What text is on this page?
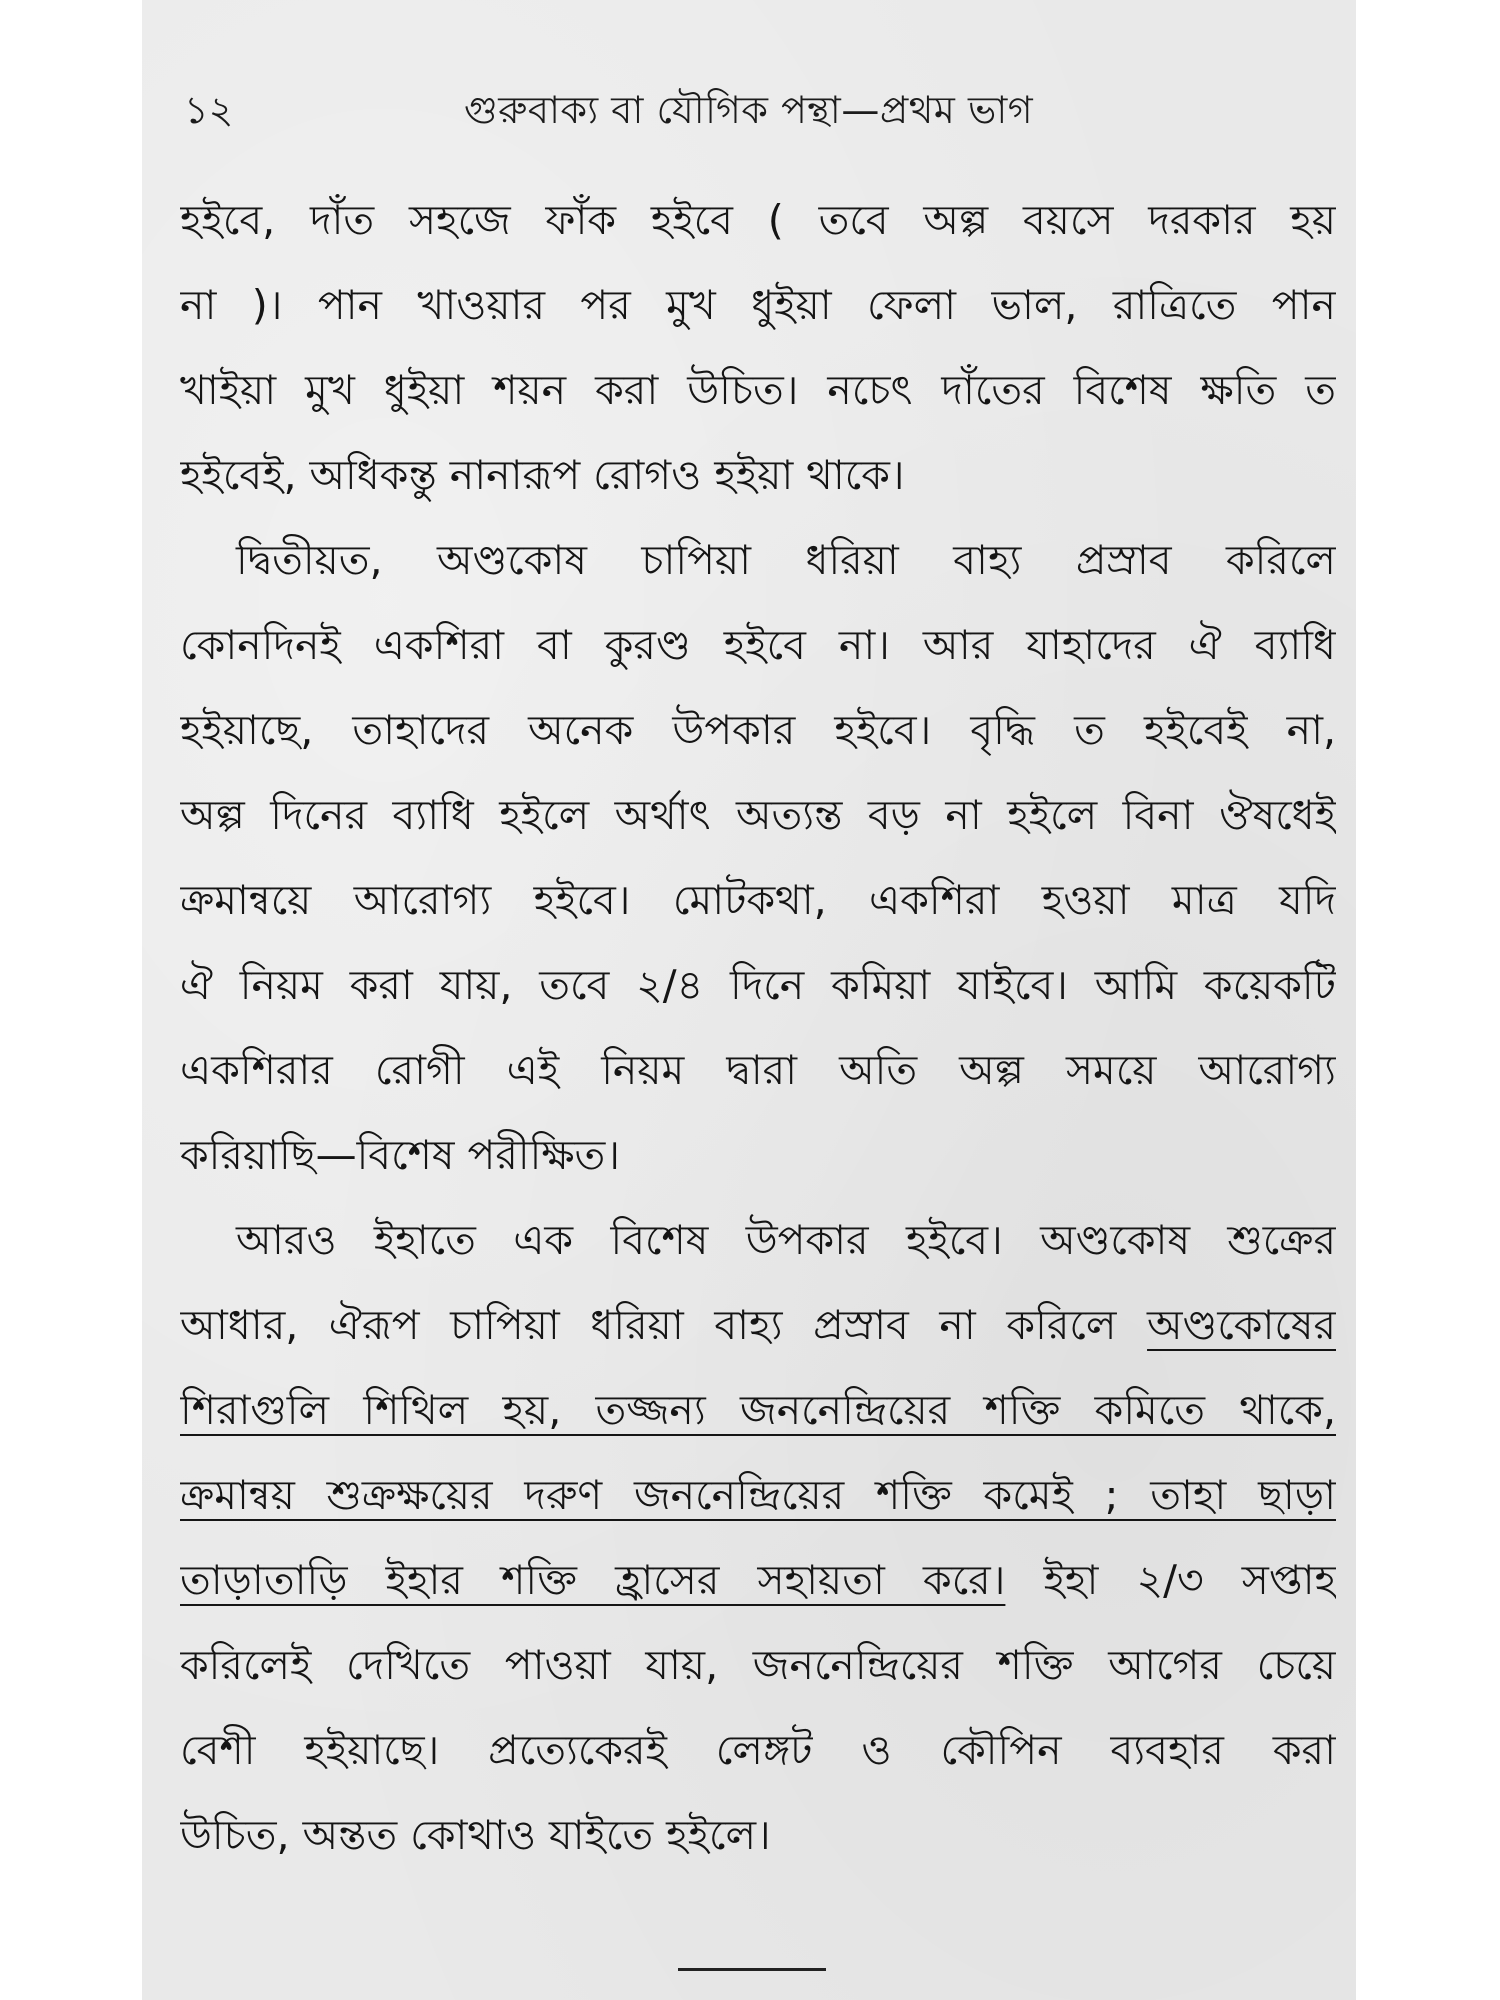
১২	গুরুবাক্য বা যৌগিক পন্থা—প্রথম ভাগ
হইবে, দাঁত সহজে ফাঁক হইবে ( তবে অল্প বয়সে দরকার হয়
না )। পান খাওয়ার পর মুখ ধুইয়া ফেলা ভাল, রাত্রিতে পান
খাইয়া মুখ ধুইয়া শয়ন করা উচিত। নচেৎ দাঁতের বিশেষ ক্ষতি ত
হইবেই, অধিকন্তু নানারূপ রোগও হইয়া থাকে।
দ্বিতীয়ত, অণ্ডকোষ চাপিয়া ধরিয়া বাহ্য প্রস্রাব করিলে
কোনদিনই একশিরা বা কুরণ্ড হইবে না। আর যাহাদের ঐ ব্যাধি
হইয়াছে, তাহাদের অনেক উপকার হইবে। বৃদ্ধি ত হইবেই না,
অল্প দিনের ব্যাধি হইলে অর্থাৎ অত্যন্ত বড় না হইলে বিনা ঔষধেই
ক্রমান্বয়ে আরোগ্য হইবে। মোটকথা, একশিরা হওয়া মাত্র যদি
ঐ নিয়ম করা যায়, তবে ২/৪ দিনে কমিয়া যাইবে। আমি কয়েকটি
একশিরার রোগী এই নিয়ম দ্বারা অতি অল্প সময়ে আরোগ্য
করিয়াছি—বিশেষ পরীক্ষিত।
আরও ইহাতে এক বিশেষ উপকার হইবে। অণ্ডকোষ শুক্রের
আধার, ঐরূপ চাপিয়া ধরিয়া বাহ্য প্রস্রাব না করিলে অণ্ডকোষের
শিরাগুলি শিথিল হয়, তজ্জন্য জননেন্দ্রিয়ের শক্তি কমিতে থাকে,
ক্রমান্বয় শুক্রক্ষয়ের দরুণ জননেন্দ্রিয়ের শক্তি কমেই ; তাহা ছাড়া
তাড়াতাড়ি ইহার শক্তি হ্রাসের সহায়তা করে। ইহা ২/৩ সপ্তাহ
করিলেই দেখিতে পাওয়া যায়, জননেন্দ্রিয়ের শক্তি আগের চেয়ে
বেশী হইয়াছে। প্রত্যেকেরই লেঙ্গট ও কৌপিন ব্যবহার করা
উচিত, অন্তত কোথাও যাইতে হইলে।
